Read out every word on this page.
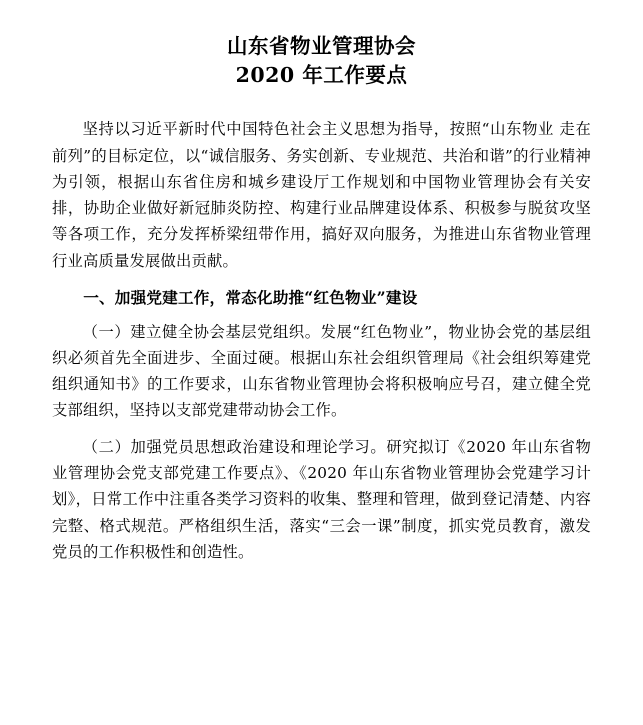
山东省物业管理协会
2020 年工作要点

坚持以习近平新时代中国特色社会主义思想为指导，按照“山东物业 走在前列”的目标定位，以“诚信服务、务实创新、专业规范、共治和谐”的行业精神为引领，根据山东省住房和城乡建设厅工作规划和中国物业管理协会有关安排，协助企业做好新冠肺炎防控、构建行业品牌建设体系、积极参与脱贫攻坚等各项工作，充分发挥桥梁纽带作用，搞好双向服务，为推进山东省物业管理行业高质量发展做出贡献。

一、加强党建工作，常态化助推“红色物业”建设

（一）建立健全协会基层党组织。发展“红色物业”，物业协会党的基层组织必须首先全面进步、全面过硬。根据山东社会组织管理局《社会组织筹建党组织通知书》的工作要求，山东省物业管理协会将积极响应号召，建立健全党支部组织，坚持以支部党建带动协会工作。

（二）加强党员思想政治建设和理论学习。研究拟订《2020 年山东省物业管理协会党支部党建工作要点》、《2020 年山东省物业管理协会党建学习计划》，日常工作中注重各类学习资料的收集、整理和管理，做到登记清楚、内容完整、格式规范。严格组织生活，落实“三会一课”制度，抓实党员教育，激发党员的工作积极性和创造性。
